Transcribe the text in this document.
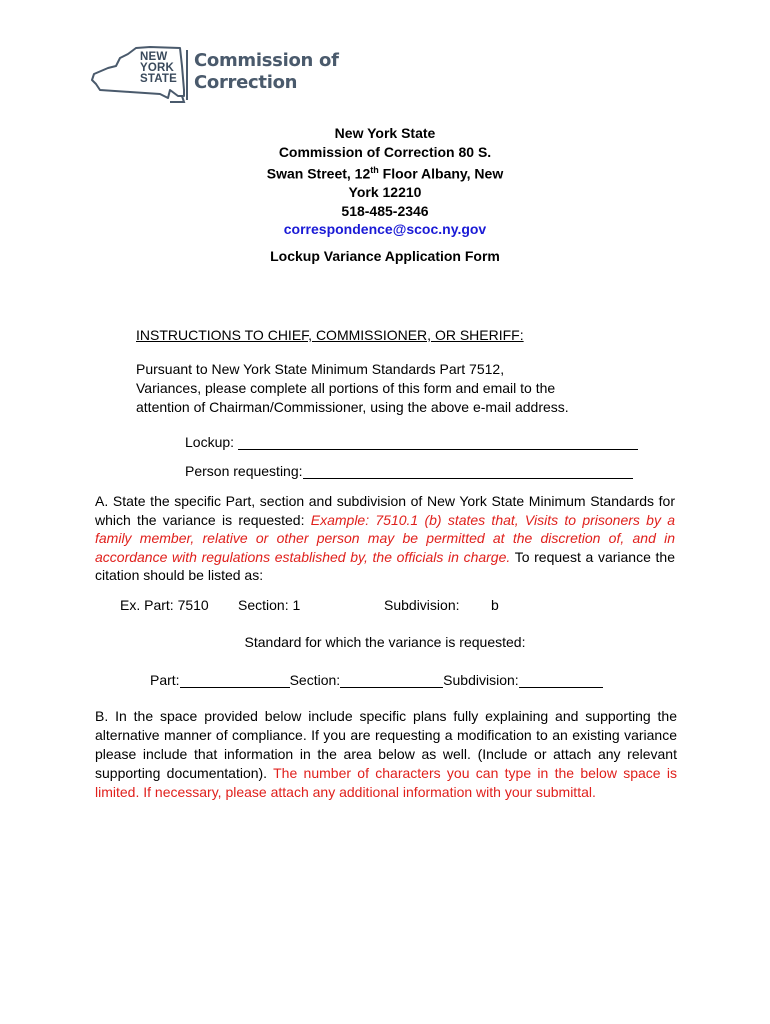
NEW
YORK
STATE
Commission of
Correction
New York State
Commission of Correction 80 S.
Swan Street, 12th Floor Albany, New
York 12210
518-485-2346
correspondence@scoc.ny.gov
Lockup Variance Application Form
INSTRUCTIONS TO CHIEF, COMMISSIONER, OR SHERIFF:
Pursuant to New York State Minimum Standards Part 7512,
Variances, please complete all portions of this form and email to the
attention of Chairman/Commissioner, using the above e-mail address.
Lockup:
Person requesting:
A. State the specific Part, section and subdivision of New York State Minimum Standards for which the variance is requested: Example: 7510.1 (b) states that, Visits to prisoners by a family member, relative or other person may be permitted at the discretion of, and in accordance with regulations established by, the officials in charge. To request a variance the citation should be listed as:
Ex. Part: 7510 Section: 1	Subdivision: b
Standard for which the variance is requested:
Part:	Section:	Subdivision:
B. In the space provided below include specific plans fully explaining and supporting the alternative manner of compliance. If you are requesting a modification to an existing variance please include that information in the area below as well. (Include or attach any relevant supporting documentation). The number of characters you can type in the below space is limited. If necessary, please attach any additional information with your submittal.
